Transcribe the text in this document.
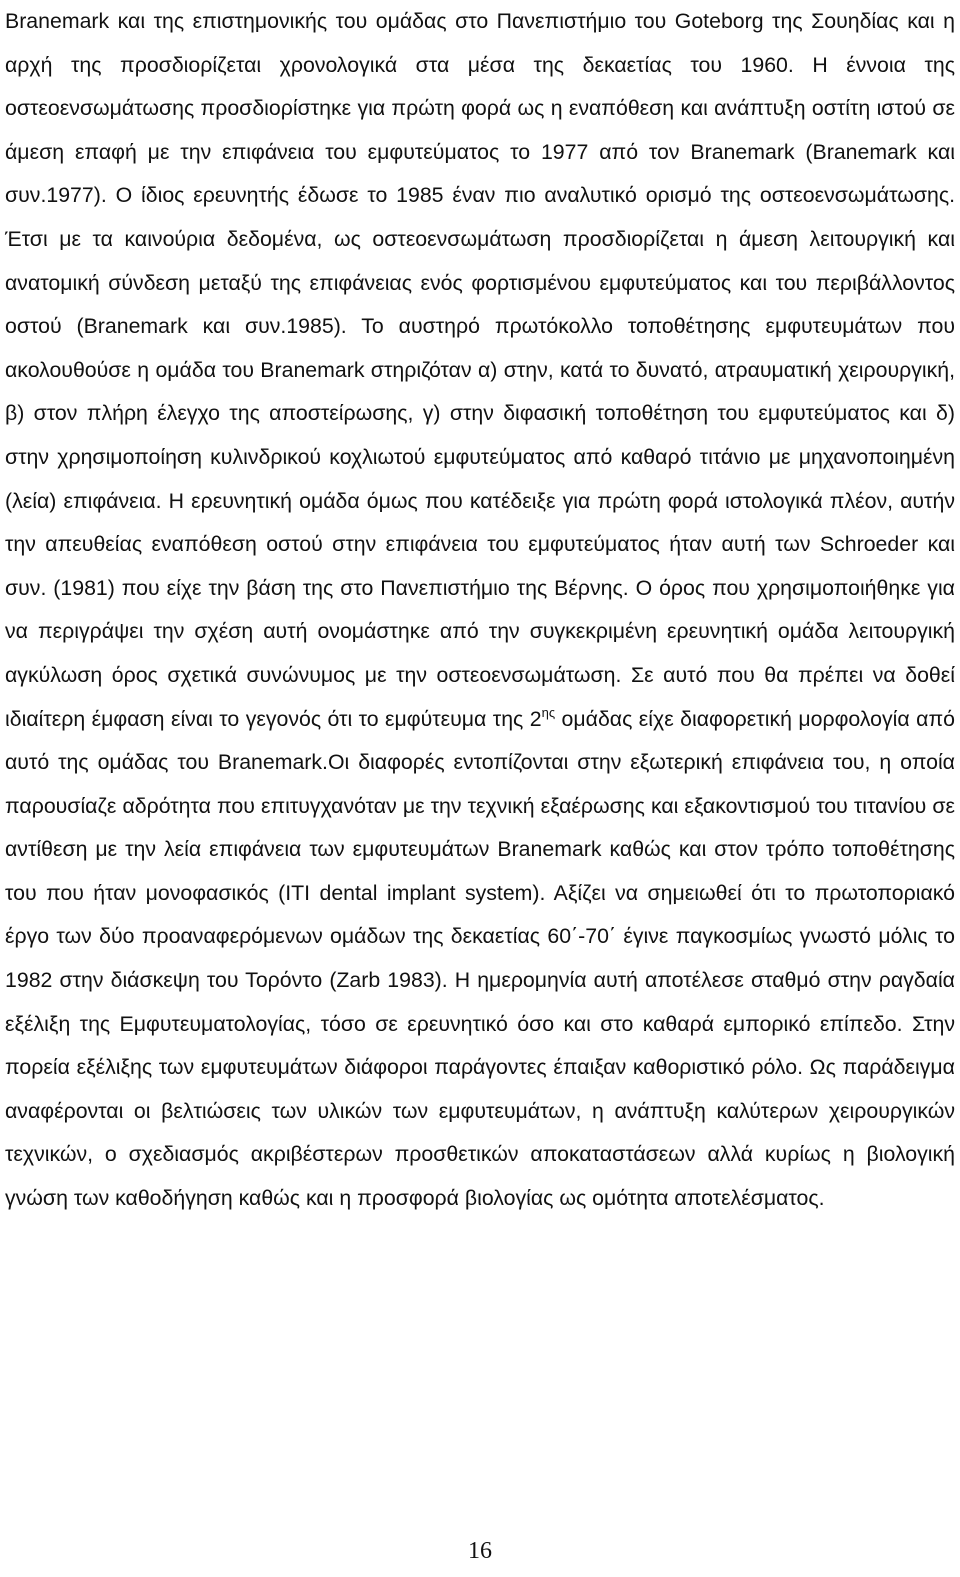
Branemark και της επιστημονικής του ομάδας στο Πανεπιστήμιο του Goteborg της Σουηδίας και η αρχή της προσδιορίζεται χρονολογικά στα μέσα της δεκαετίας του 1960. Η έννοια της οστεοενσωμάτωσης προσδιορίστηκε για πρώτη φορά ως η εναπόθεση και ανάπτυξη οστίτη ιστού σε άμεση επαφή με την επιφάνεια του εμφυτεύματος το 1977 από τον Branemark (Branemark και συν.1977). Ο ίδιος ερευνητής έδωσε το 1985 έναν πιο αναλυτικό ορισμό της οστεοενσωμάτωσης. Έτσι με τα καινούρια δεδομένα, ως οστεοενσωμάτωση προσδιορίζεται η άμεση λειτουργική και ανατομική σύνδεση μεταξύ της επιφάνειας ενός φορτισμένου εμφυτεύματος και του περιβάλλοντος οστού (Branemark και συν.1985). Το αυστηρό πρωτόκολλο τοποθέτησης εμφυτευμάτων που ακολουθούσε η ομάδα του Branemark στηριζόταν α) στην, κατά το δυνατό, ατραυματική χειρουργική, β) στον πλήρη έλεγχο της αποστείρωσης, γ) στην διφασική τοποθέτηση του εμφυτεύματος και δ) στην χρησιμοποίηση κυλινδρικού κοχλιωτού εμφυτεύματος από καθαρό τιτάνιο με μηχανοποιημένη (λεία) επιφάνεια. Η ερευνητική ομάδα όμως που κατέδειξε για πρώτη φορά ιστολογικά πλέον, αυτήν την απευθείας εναπόθεση οστού στην επιφάνεια του εμφυτεύματος ήταν αυτή των Schroeder και συν. (1981) που είχε την βάση της στο Πανεπιστήμιο της Βέρνης. Ο όρος που χρησιμοποιήθηκε για να περιγράψει την σχέση αυτή ονομάστηκε από την συγκεκριμένη ερευνητική ομάδα λειτουργική αγκύλωση όρος σχετικά συνώνυμος με την οστεοενσωμάτωση. Σε αυτό που θα πρέπει να δοθεί ιδιαίτερη έμφαση είναι το γεγονός ότι το εμφύτευμα της $2^{\eta\varsigma}$ ομάδας είχε διαφορετική μορφολογία από αυτό της ομάδας του Branemark.Οι διαφορές εντοπίζονται στην εξωτερική επιφάνεια του, η οποία παρουσίαζε αδρότητα που επιτυγχανόταν με την τεχνική εξαέρωσης και εξακοντισμού του τιτανίου σε αντίθεση με την λεία επιφάνεια των εμφυτευμάτων Branemark καθώς και στον τρόπο τοποθέτησης του που ήταν μονοφασικός (ITI dental implant system). Αξίζει να σημειωθεί ότι το πρωτοποριακό έργο των δύο προαναφερόμενων ομάδων της δεκαετίας 60΄-70΄ έγινε παγκοσμίως γνωστό μόλις το 1982 στην διάσκεψη του Τορόντο (Zarb 1983). Η ημερομηνία αυτή αποτέλεσε σταθμό στην ραγδαία εξέλιξη της Εμφυτευματολογίας, τόσο σε ερευνητικό όσο και στο καθαρά εμπορικό επίπεδο. Στην πορεία εξέλιξης των εμφυτευμάτων διάφοροι παράγοντες έπαιξαν καθοριστικό ρόλο. Ως παράδειγμα αναφέρονται οι βελτιώσεις των υλικών των εμφυτευμάτων, η ανάπτυξη καλύτερων χειρουργικών τεχνικών, ο σχεδιασμός ακριβέστερων προσθετικών αποκαταστάσεων αλλά κυρίως η βιολογική γνώση των καθοδήγηση καθώς και η προσφορά βιολογίας ως ομότητα αποτελέσματος.

16
